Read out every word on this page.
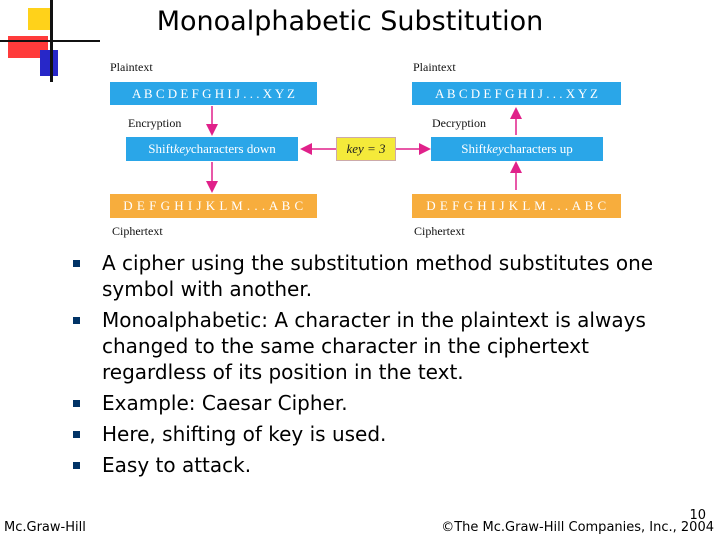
Monoalphabetic Substitution
Plaintext
A B C D E F G H I J . . . X Y Z
Encryption
Shift key characters down
D E F G H I J K L M . . . A B C
Ciphertext
key = 3
Plaintext
A B C D E F G H I J . . . X Y Z
Decryption
Shift key characters up
D E F G H I J K L M . . . A B C
Ciphertext
A cipher using the substitution method substitutes one symbol with another.
Monoalphabetic: A character in the plaintext is always changed to the same character in the ciphertext regardless of its position in the text.
Example: Caesar Cipher.
Here, shifting of key is used.
Easy to attack.
Mc.Graw-Hill
10
©The Mc.Graw-Hill Companies, Inc., 2004
